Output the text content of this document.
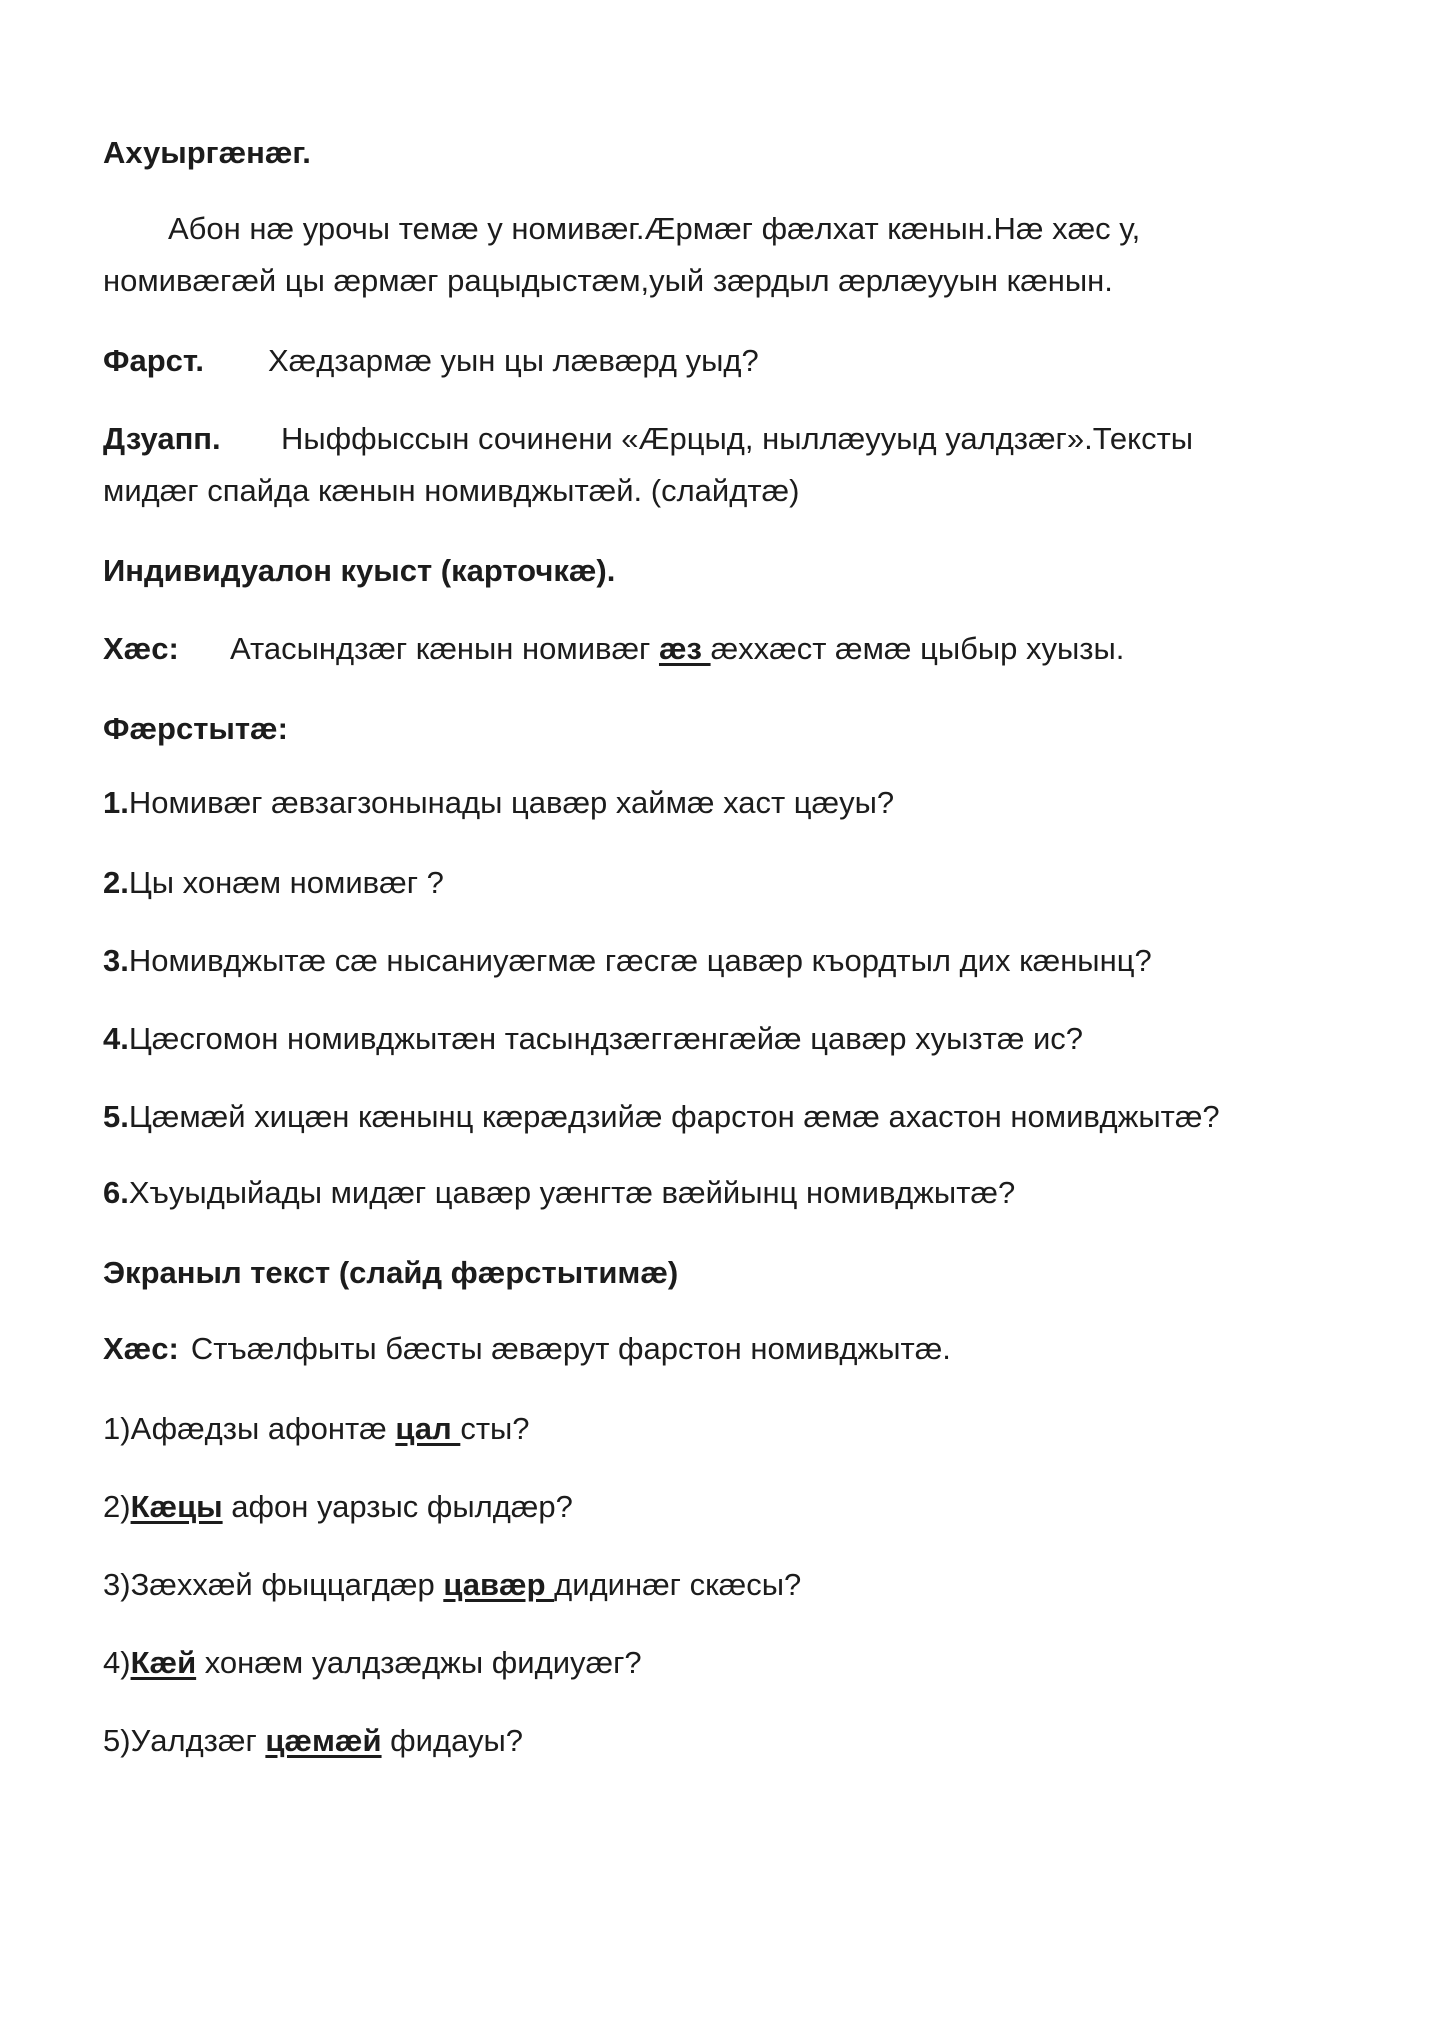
Ахуыргæнæг.
Абон нæ урочы темæ у номивæг.Æрмæг фæлхат кæнын.Нæ хæс у,
номивæгæй цы æрмæг рацыдыстæм,уый зæрдыл æрлæууын кæнын.
Фарст. Хæдзармæ уын цы лæвæрд уыд?
Дзуапп. Ныффыссын сочинени «Æрцыд, ныллæууыд уалдзæг».Тексты
мидæг спайда кæнын номивджытæй. (слайдтæ)
Индивидуалон куыст (карточкæ).
Хæс: Атасындзæг кæнын номивæг æз æххæст æмæ цыбыр хуызы.
Фæрстытæ:
1.Номивæг æвзагзонынады цавæр хаймæ хаст цæуы?
2.Цы хонæм номивæг ?
3.Номивджытæ сæ нысаниуæгмæ гæсгæ цавæр къордтыл дих кæнынц?
4.Цæсгомон номивджытæн тасындзæггæнгæйæ цавæр хуызтæ ис?
5.Цæмæй хицæн кæнынц кæрæдзийæ фарстон æмæ ахастон номивджытæ?
6.Хъуыдыйады мидæг цавæр уæнгтæ вæййынц номивджытæ?
Экраныл текст (слайд фæрстытимæ)
Хæс: Стъæлфыты бæсты æвæрут фарстон номивджытæ.
1)Афæдзы афонтæ цал сты?
2)Кæцы афон уарзыс фылдæр?
3)Зæххæй фыццагдæр цавæр дидинæг скæсы?
4)Кæй хонæм уалдзæджы фидиуæг?
5)Уалдзæг цæмæй фидауы?
